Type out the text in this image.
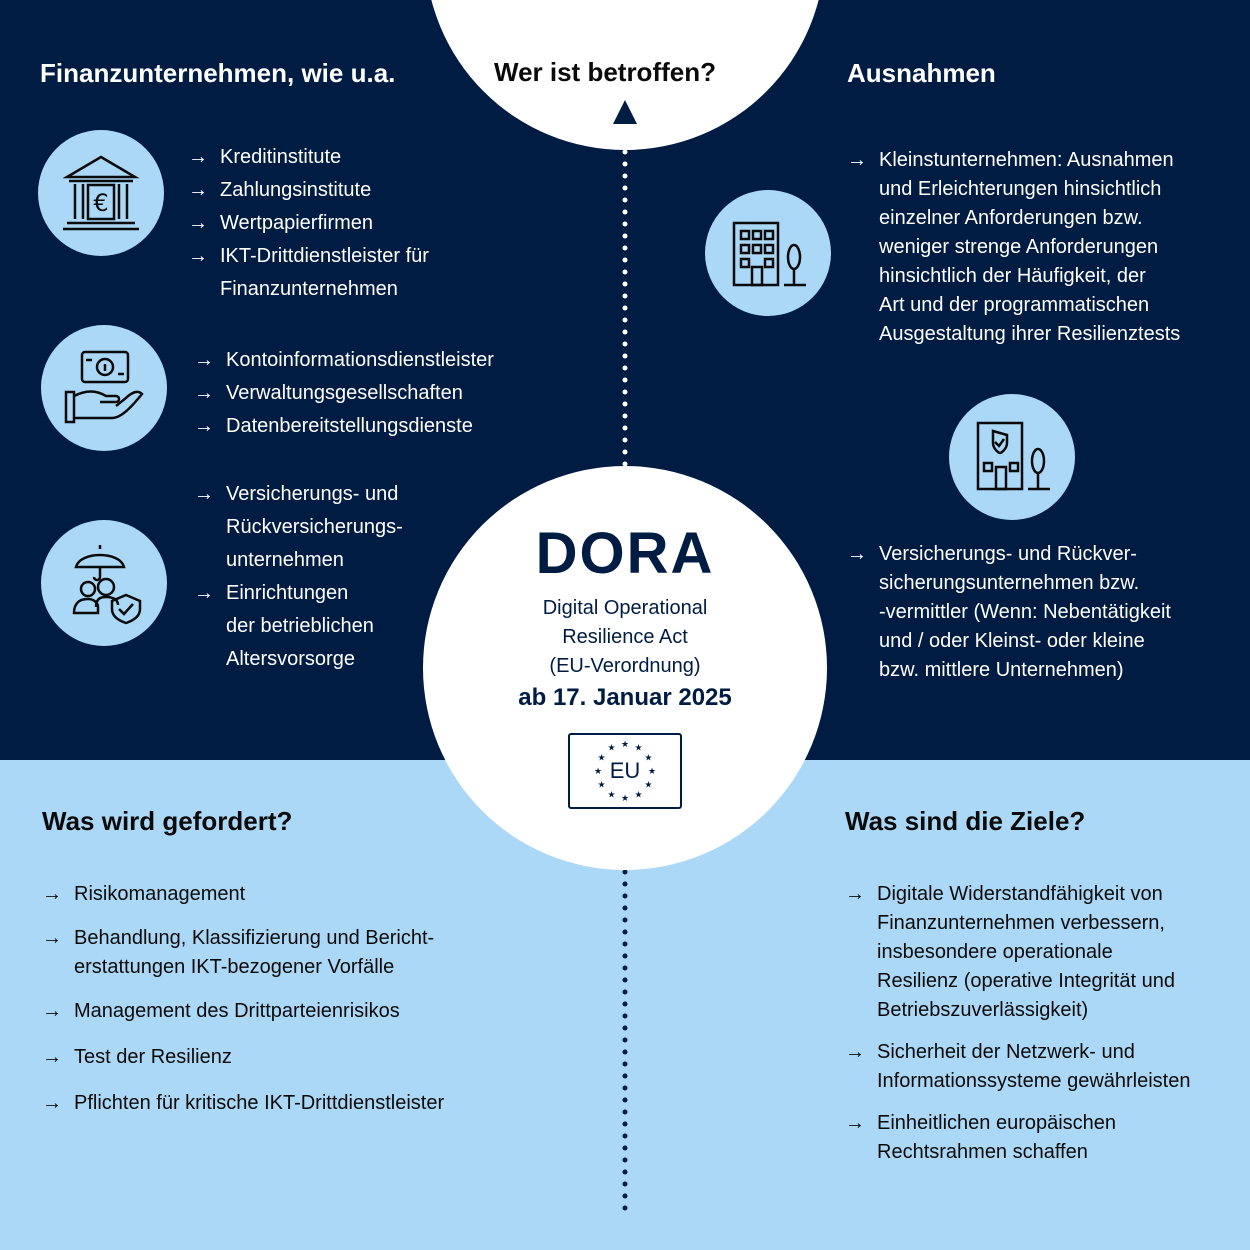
Wer ist betroffen?
Finanzunternehmen, wie u.a.	Ausnahmen
€
→ Kreditinstitute
→ Zahlungsinstitute
→ Wertpapierfirmen
→ IKT-Drittdienstleister für
Finanzunternehmen
→ Kontoinformationsdienstleister
→ Verwaltungsgesellschaften
→ Datenbereitstellungsdienste
→ Versicherungs- und
Rückversicherungs-
unternehmen
→ Einrichtungen
der betrieblichen
Altersvorsorge
→ Kleinstunternehmen: Ausnahmen
und Erleichterungen hinsichtlich
einzelner Anforderungen bzw.
weniger strenge Anforderungen
hinsichtlich der Häufigkeit, der
Art und der programmatischen
Ausgestaltung ihrer Resilienztests
→ Versicherungs- und Rückver-
sicherungsunternehmen bzw.
-vermittler (Wenn: Nebentätigkeit
und / oder Kleinst- oder kleine
bzw. mittlere Unternehmen)
DORA
Digital Operational
Resilience Act
(EU-Verordnung)
ab 17. Januar 2025
★ ★
★
★
★
★
★
★
★
★
★
★
EU
Was wird gefordert?
→ Risikomanagement
→ Behandlung, Klassifizierung und Bericht-
erstattungen IKT-bezogener Vorfälle
→ Management des Drittparteienrisikos
→ Test der Resilienz
→ Pflichten für kritische IKT-Drittdienstleister
Was sind die Ziele?
→ Digitale Widerstandfähigkeit von
Finanzunternehmen verbessern,
insbesondere operationale
Resilienz (operative Integrität und
Betriebszuverlässigkeit)
→ Sicherheit der Netzwerk- und
Informationssysteme gewährleisten
→ Einheitlichen europäischen
Rechtsrahmen schaffen
